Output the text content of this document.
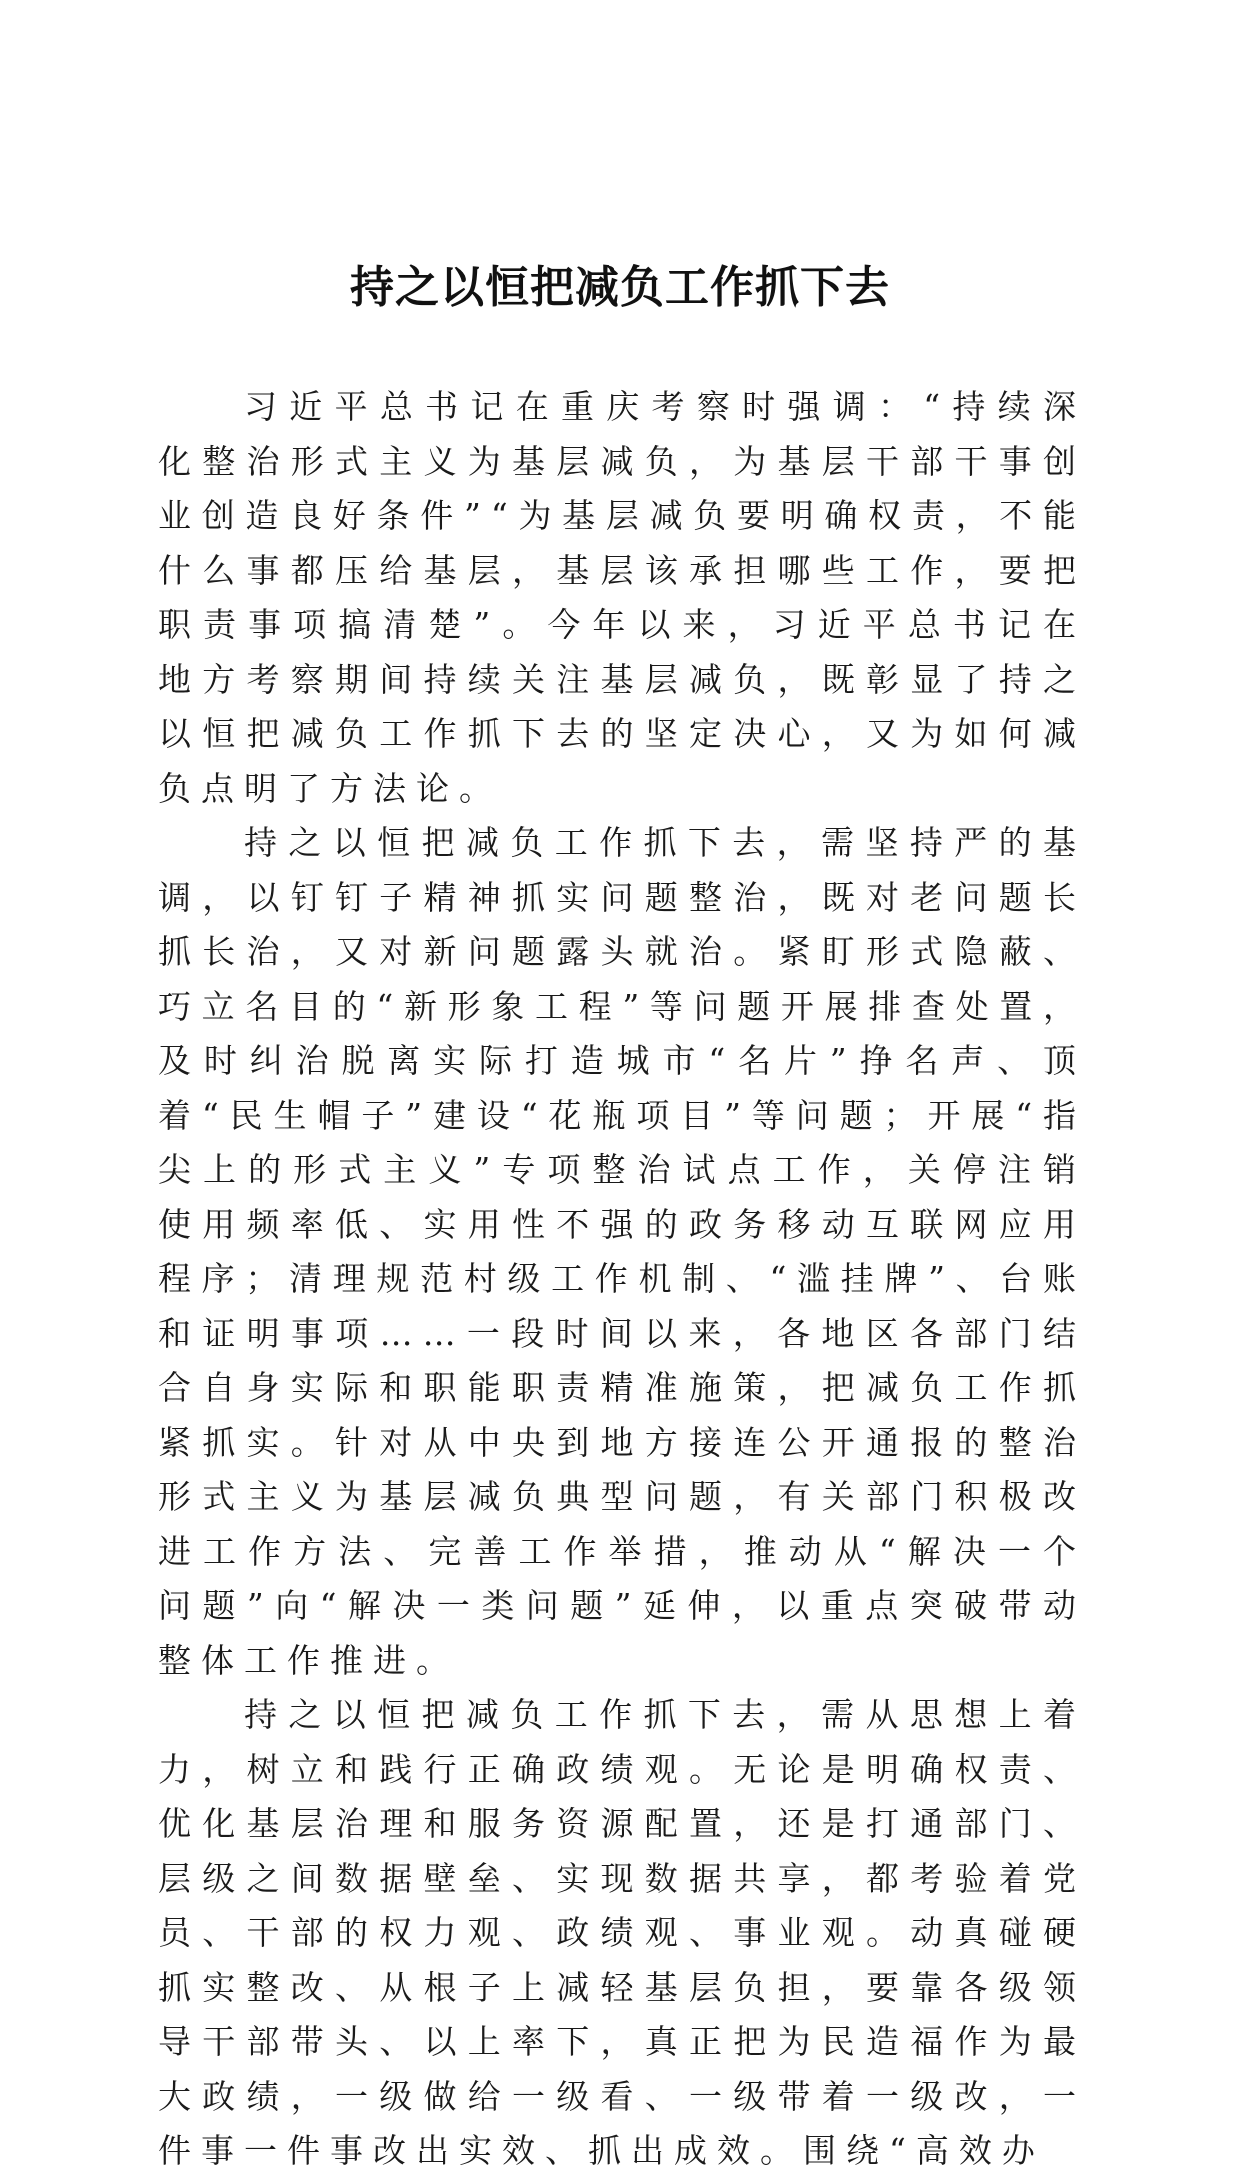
持之以恒把减负工作抓下去

习近平总书记在重庆考察时强调：“持续深化整治形式主义为基层减负，为基层干部干事创业创造良好条件”“为基层减负要明确权责，不能什么事都压给基层，基层该承担哪些工作，要把职责事项搞清楚”。今年以来，习近平总书记在地方考察期间持续关注基层减负，既彰显了持之以恒把减负工作抓下去的坚定决心，又为如何减负点明了方法论。

持之以恒把减负工作抓下去，需坚持严的基调，以钉钉子精神抓实问题整治，既对老问题长抓长治，又对新问题露头就治。紧盯形式隐蔽、巧立名目的“新形象工程”等问题开展排查处置，及时纠治脱离实际打造城市“名片”挣名声、顶着“民生帽子”建设“花瓶项目”等问题；开展“指尖上的形式主义”专项整治试点工作，关停注销使用频率低、实用性不强的政务移动互联网应用程序；清理规范村级工作机制、“滥挂牌”、台账和证明事项……一段时间以来，各地区各部门结合自身实际和职能职责精准施策，把减负工作抓紧抓实。针对从中央到地方接连公开通报的整治形式主义为基层减负典型问题，有关部门积极改进工作方法、完善工作举措，推动从“解决一个问题”向“解决一类问题”延伸，以重点突破带动整体工作推进。

持之以恒把减负工作抓下去，需从思想上着力，树立和践行正确政绩观。无论是明确权责、优化基层治理和服务资源配置，还是打通部门、层级之间数据壁垒、实现数据共享，都考验着党员、干部的权力观、政绩观、事业观。动真碰硬抓实整改、从根子上减轻基层负担，要靠各级领导干部带头、以上率下，真正把为民造福作为最大政绩，一级做给一级看、一级带着一级改，一件事一件事改出实效、抓出成效。围绕“高效办
